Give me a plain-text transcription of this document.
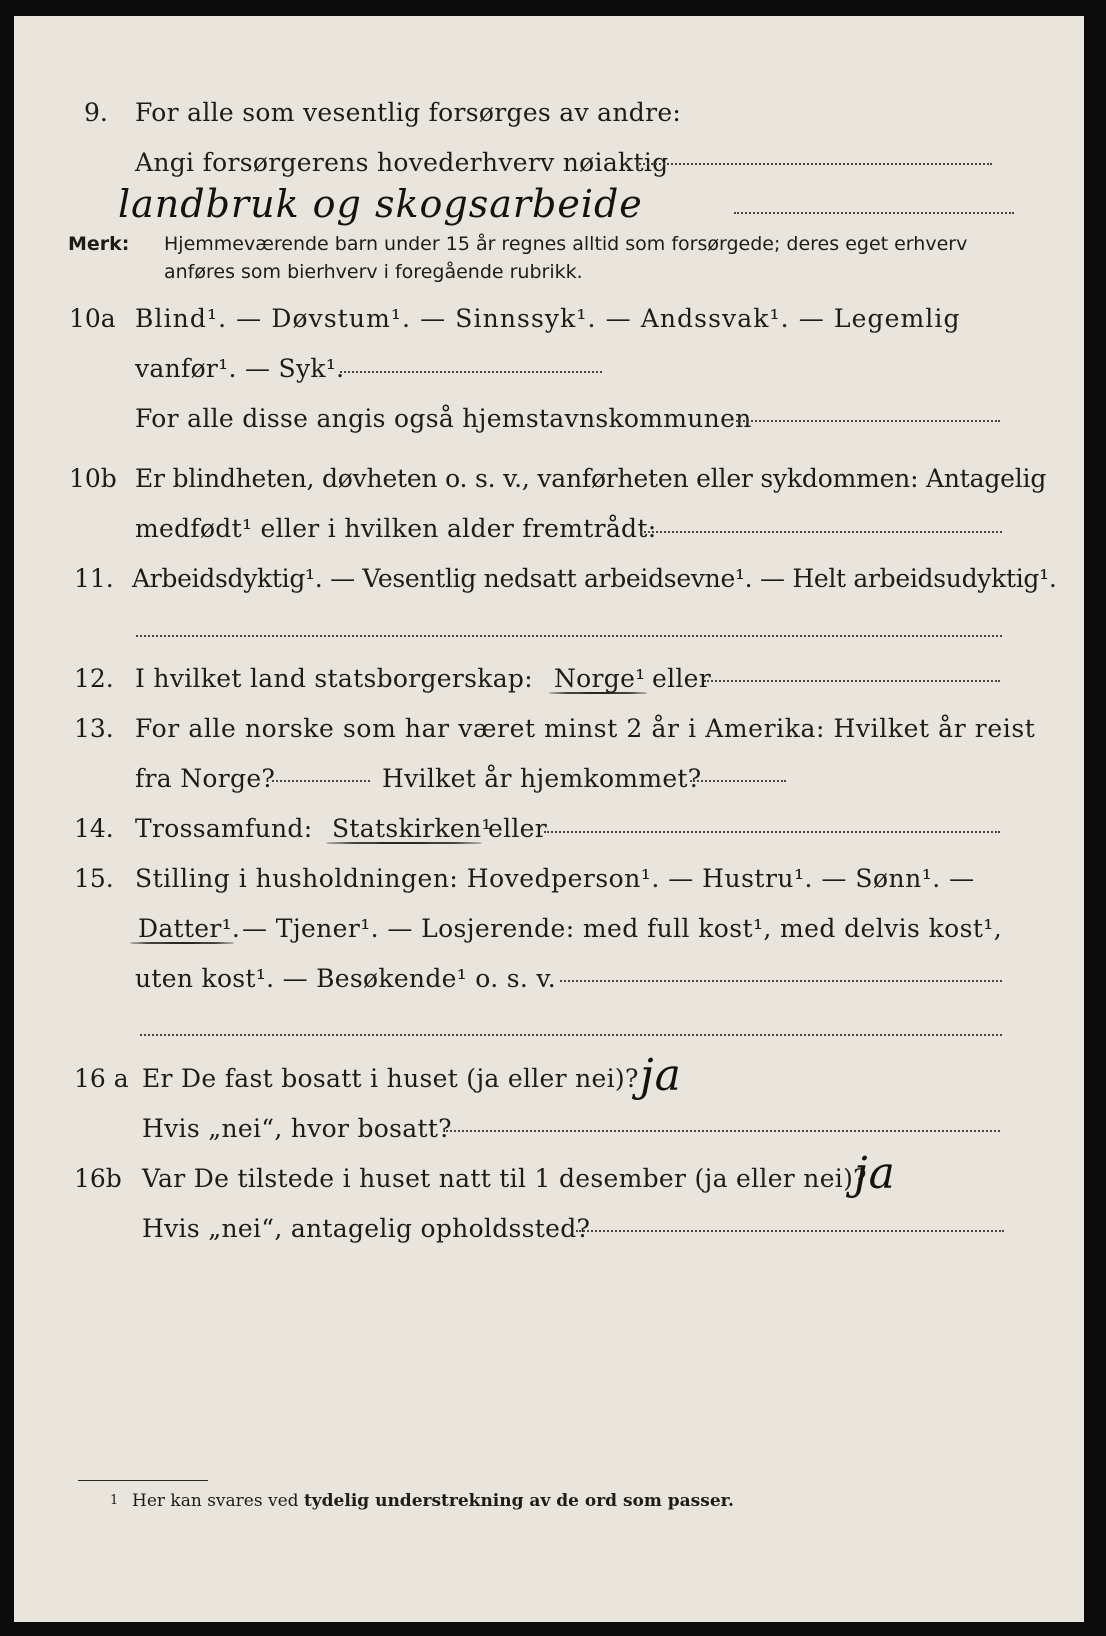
9. For alle som vesentlig forsørges av andre:
Angi forsørgerens hovederhverv nøiaktig
landbruk og skogsarbeide
Merk: Hjemmeværende barn under 15 år regnes alltid som forsørgede; deres eget erhverv
anføres som bierhverv i foregående rubrikk.
10a Blind¹. — Døvstum¹. — Sinnssyk¹. — Andssvak¹. — Legemlig
vanfør¹. — Syk¹.
For alle disse angis også hjemstavnskommunen
10b Er blindheten, døvheten o. s. v., vanførheten eller sykdommen: Antagelig
medfødt¹ eller i hvilken alder fremtrådt:
11. Arbeidsdyktig¹. — Vesentlig nedsatt arbeidsevne¹. — Helt arbeidsudyktig¹.
12. I hvilket land statsborgerskap: Norge¹ eller
13. For alle norske som har været minst 2 år i Amerika: Hvilket år reist
fra Norge?	Hvilket år hjemkommet?
14. Trossamfund: Statskirken¹
eller
15. Stilling i husholdningen: Hovedperson¹. — Hustru¹. — Sønn¹. —
Datter¹. — Tjener¹. — Losjerende: med full kost¹, med delvis kost¹,
uten kost¹. — Besøkende¹ o. s. v.
16 a Er De fast bosatt i huset (ja eller nei)? ja
Hvis „nei“, hvor bosatt?
16b Var De tilstede i huset natt til 1 desember (ja eller nei)?
ja
Hvis „nei“, antagelig opholdssted?
1 Her kan svares ved tydelig understrekning av de ord som passer.
